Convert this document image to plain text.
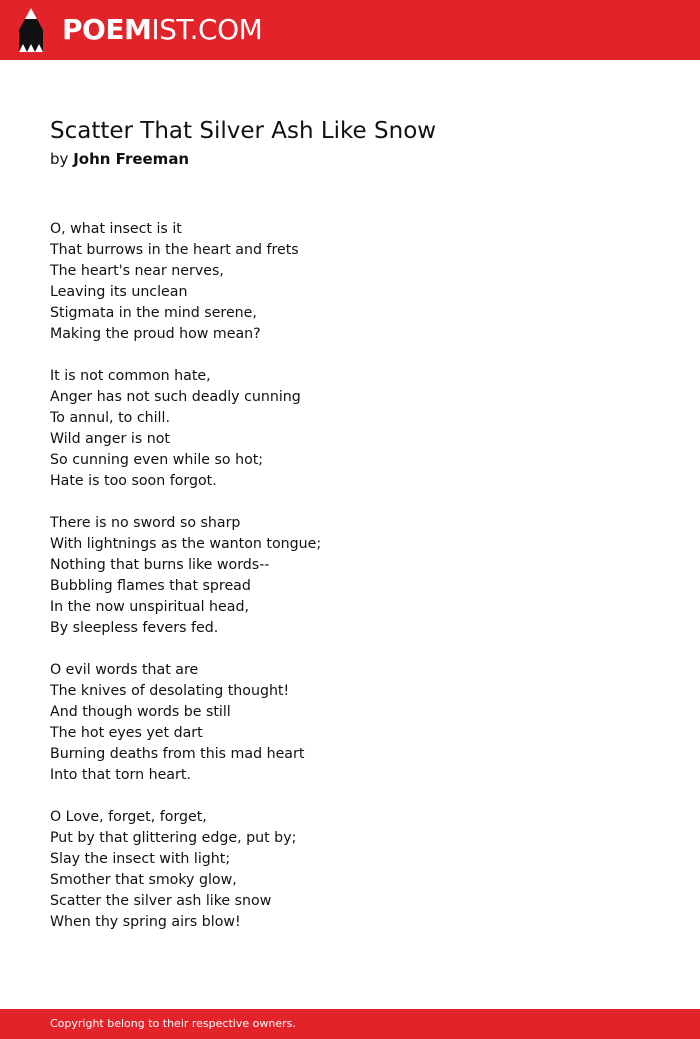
POEMIST.COM
Scatter That Silver Ash Like Snow
by John Freeman
O, what insect is it
That burrows in the heart and frets
The heart's near nerves,
Leaving its unclean
Stigmata in the mind serene,
Making the proud how mean?
It is not common hate,
Anger has not such deadly cunning
To annul, to chill.
Wild anger is not
So cunning even while so hot;
Hate is too soon forgot.
There is no sword so sharp
With lightnings as the wanton tongue;
Nothing that burns like words--
Bubbling flames that spread
In the now unspiritual head,
By sleepless fevers fed.
O evil words that are
The knives of desolating thought!
And though words be still
The hot eyes yet dart
Burning deaths from this mad heart
Into that torn heart.
O Love, forget, forget,
Put by that glittering edge, put by;
Slay the insect with light;
Smother that smoky glow,
Scatter the silver ash like snow
When thy spring airs blow!
Copyright belong to their respective owners.
